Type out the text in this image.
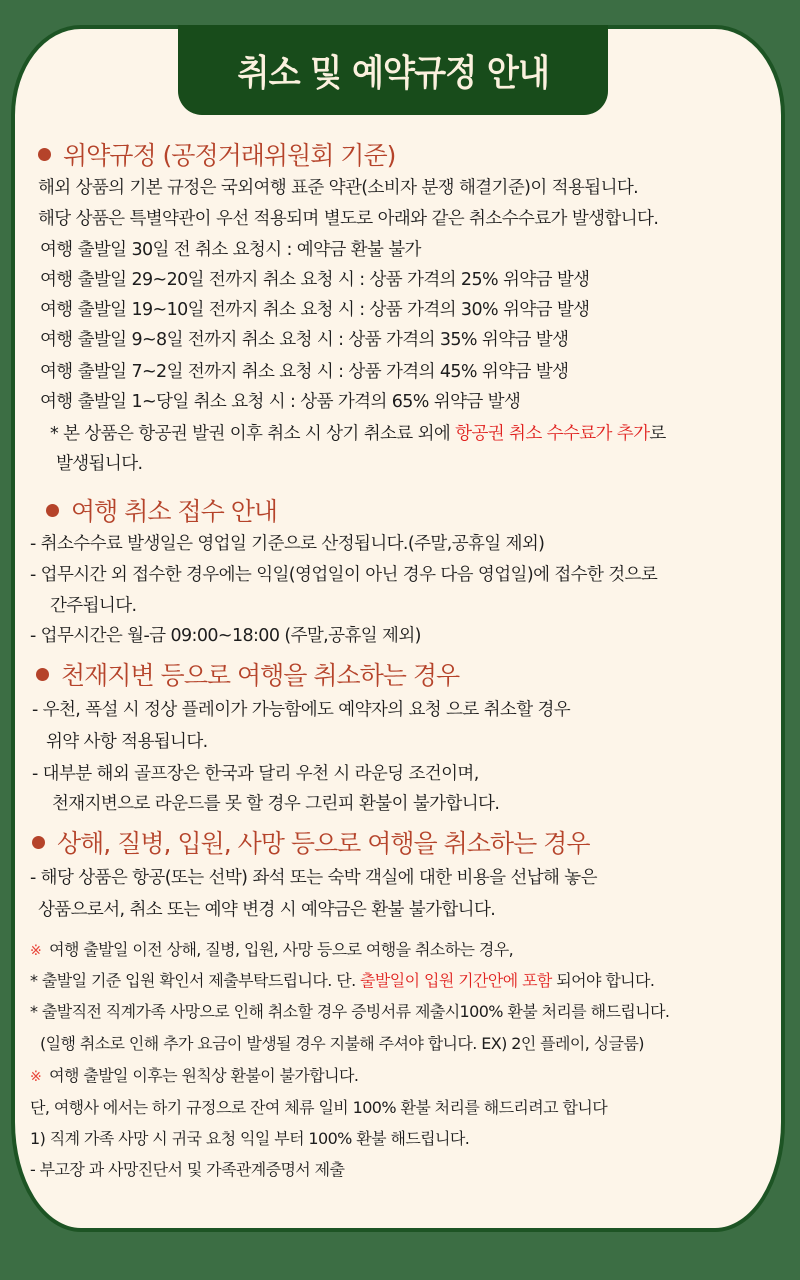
취소 및 예약규정 안내
위약규정 (공정거래위원회 기준)
해외 상품의 기본 규정은 국외여행 표준 약관(소비자 분쟁 해결기준)이 적용됩니다.
해당 상품은 특별약관이 우선 적용되며 별도로 아래와 같은 취소수수료가 발생합니다.
여행 출발일 30일 전 취소 요청시 : 예약금 환불 불가
여행 출발일 29~20일 전까지 취소 요청 시 : 상품 가격의 25% 위약금 발생
여행 출발일 19~10일 전까지 취소 요청 시 : 상품 가격의 30% 위약금 발생
여행 출발일 9~8일 전까지 취소 요청 시 : 상품 가격의 35% 위약금 발생
여행 출발일 7~2일 전까지 취소 요청 시 : 상품 가격의 45% 위약금 발생
여행 출발일 1~당일 취소 요청 시 : 상품 가격의 65% 위약금 발생
* 본 상품은 항공권 발권 이후 취소 시 상기 취소료 외에 항공권 취소 수수료가 추가로
발생됩니다.
여행 취소 접수 안내
- 취소수수료 발생일은 영업일 기준으로 산정됩니다.(주말,공휴일 제외)
- 업무시간 외 접수한 경우에는 익일(영업일이 아닌 경우 다음 영업일)에 접수한 것으로
간주됩니다.
- 업무시간은 월-금 09:00~18:00 (주말,공휴일 제외)
천재지변 등으로 여행을 취소하는 경우
- 우천, 폭설 시 정상 플레이가 가능함에도 예약자의 요청 으로 취소할 경우
위약 사항 적용됩니다.
- 대부분 해외 골프장은 한국과 달리 우천 시 라운딩 조건이며,
천재지변으로 라운드를 못 할 경우 그린피 환불이 불가합니다.
상해, 질병, 입원, 사망 등으로 여행을 취소하는 경우
- 해당 상품은 항공(또는 선박) 좌석 또는 숙박 객실에 대한 비용을 선납해 놓은
상품으로서, 취소 또는 예약 변경 시 예약금은 환불 불가합니다.
※ 여행 출발일 이전 상해, 질병, 입원, 사망 등으로 여행을 취소하는 경우,
* 출발일 기준 입원 확인서 제출부탁드립니다. 단. 출발일이 입원 기간안에 포함 되어야 합니다.
* 출발직전 직계가족 사망으로 인해 취소할 경우 증빙서류 제출시100% 환불 처리를 해드립니다.
(일행 취소로 인해 추가 요금이 발생될 경우 지불해 주셔야 합니다. EX) 2인 플레이, 싱글룸)
※ 여행 출발일 이후는 원칙상 환불이 불가합니다.
단, 여행사 에서는 하기 규정으로 잔여 체류 일비 100% 환불 처리를 해드리려고 합니다
1) 직계 가족 사망 시 귀국 요청 익일 부터 100% 환불 해드립니다.
- 부고장 과 사망진단서 및 가족관계증명서 제출
